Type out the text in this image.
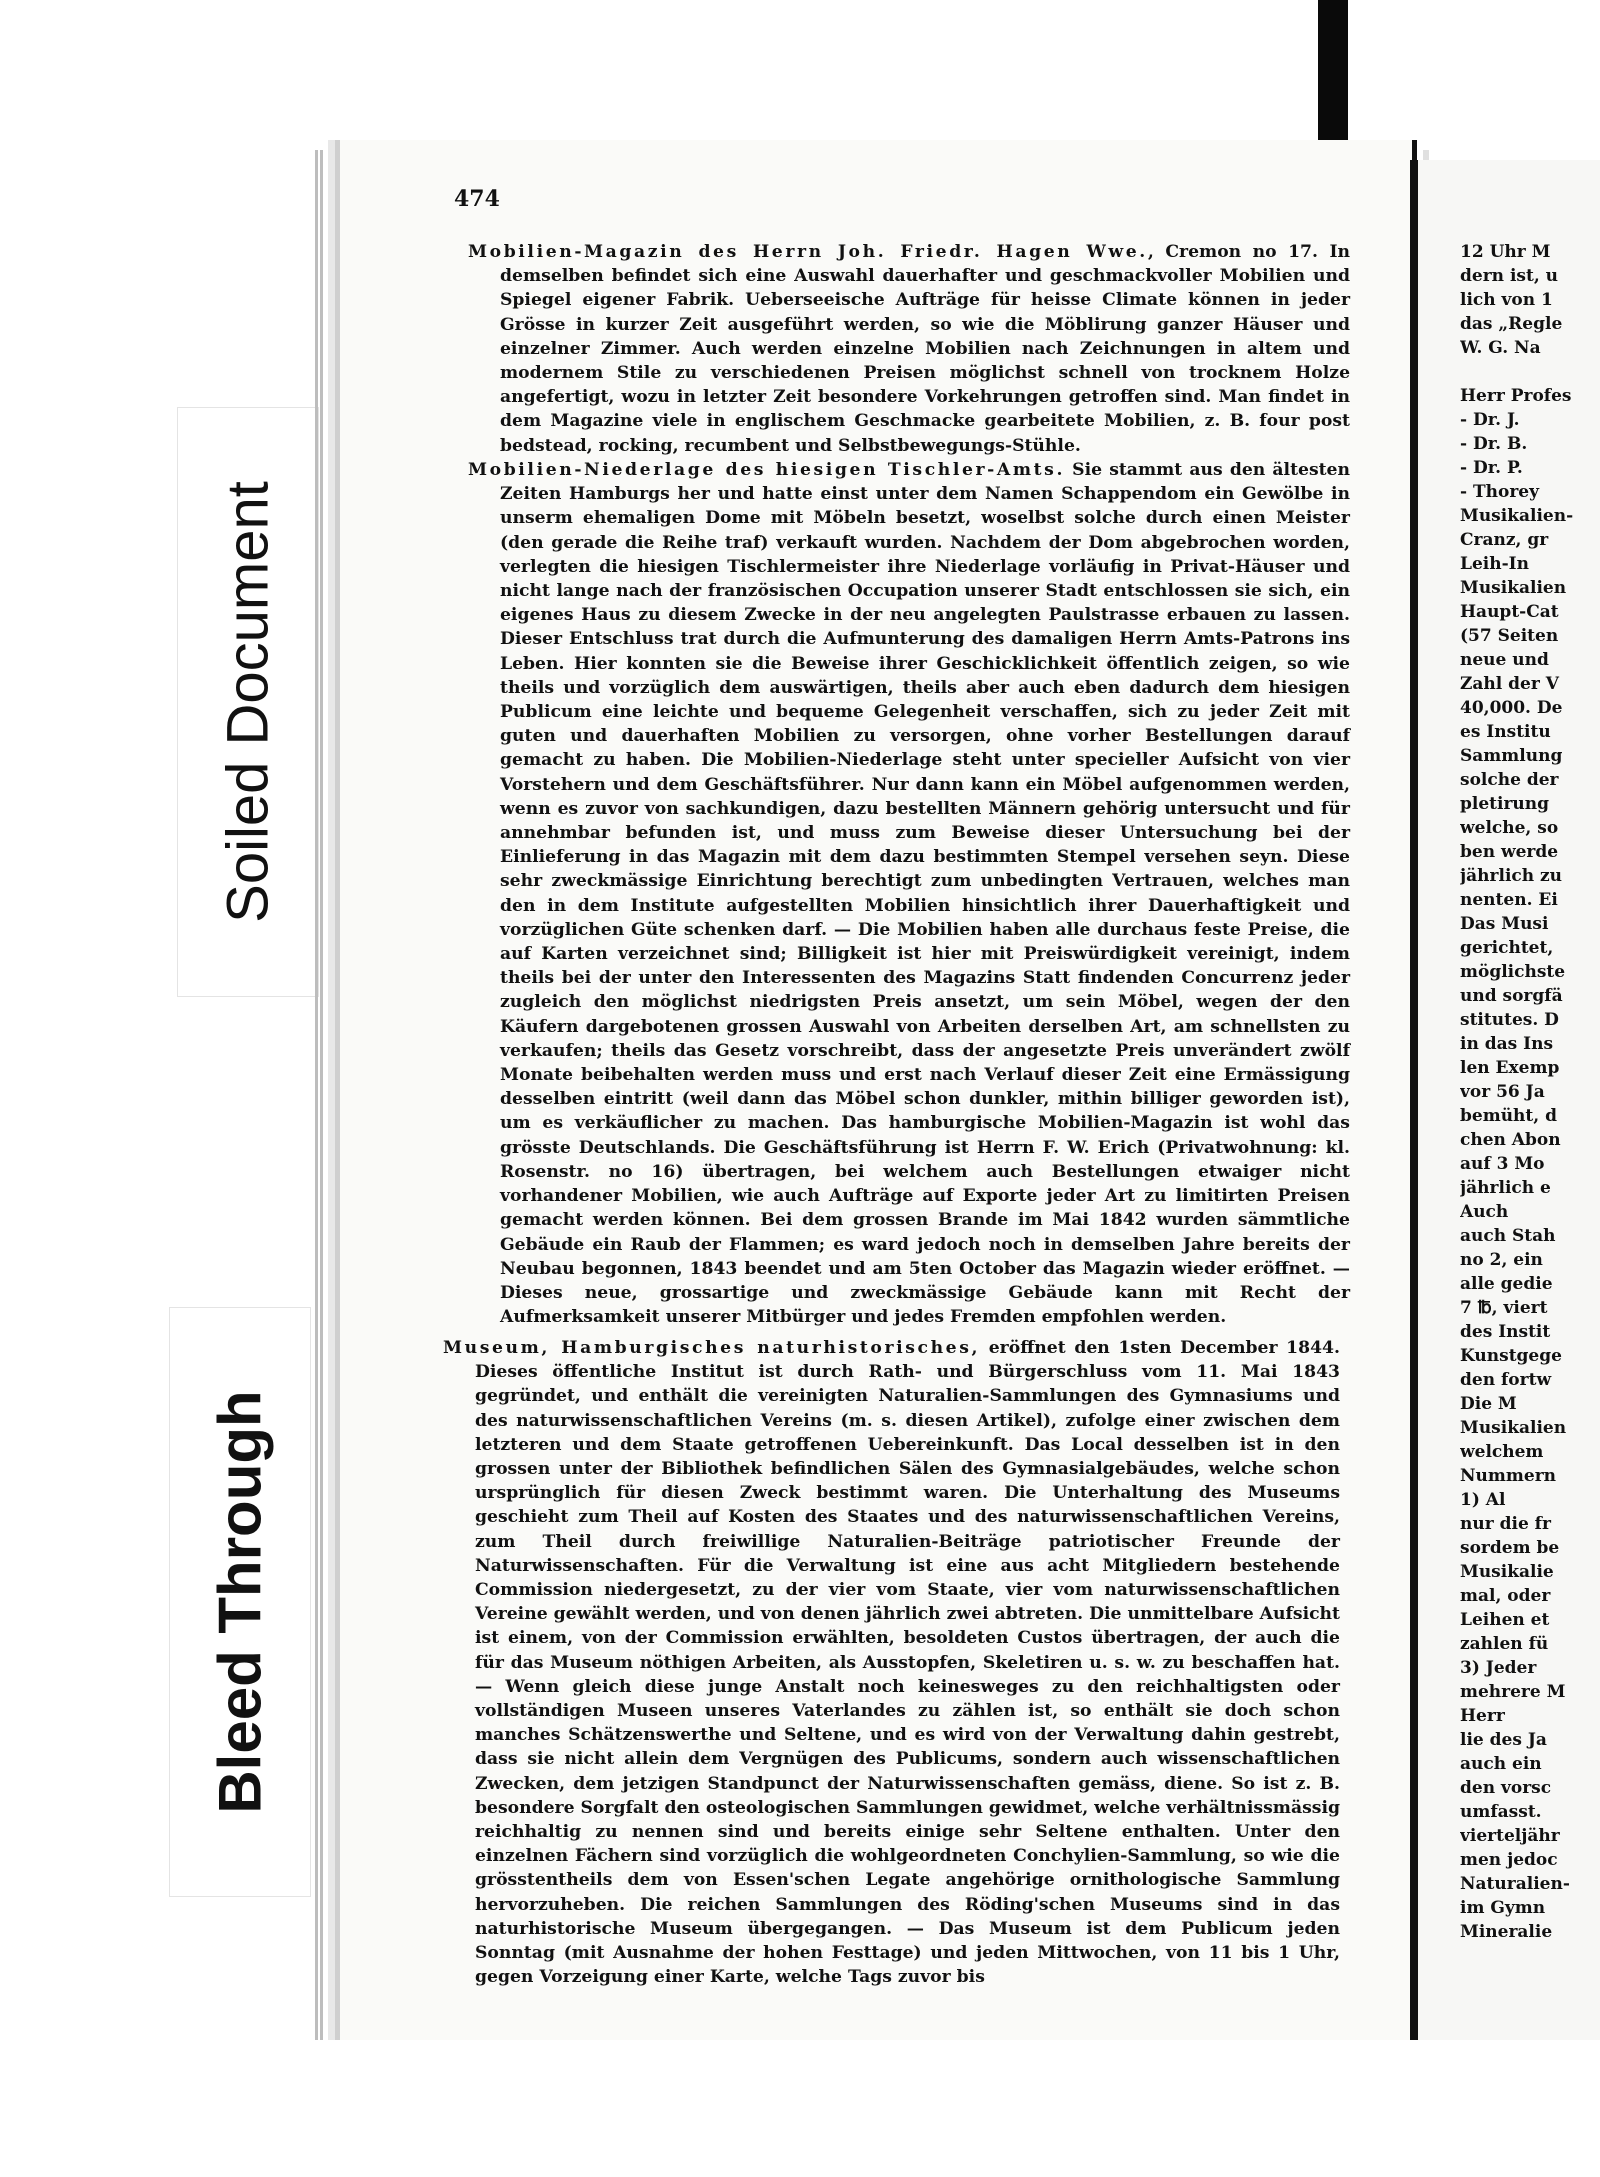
Soiled Document
Bleed Through
474

Mobilien-Magazin des Herrn Joh. Friedr. Hagen Wwe., Cremon no 17. In demselben befindet sich eine Auswahl dauerhafter und geschmackvoller Mobilien und Spiegel eigener Fabrik. Ueberseeische Aufträge für heisse Climate können in jeder Grösse in kurzer Zeit ausgeführt werden, so wie die Möblirung ganzer Häuser und einzelner Zimmer. Auch werden einzelne Mobilien nach Zeichnungen in altem und modernem Stile zu verschiedenen Preisen möglichst schnell von trocknem Holze angefertigt, wozu in letzter Zeit besondere Vorkehrungen getroffen sind. Man findet in dem Magazine viele in englischem Geschmacke gearbeitete Mobilien, z. B. four post bedstead, rocking, recumbent und Selbstbewegungs-Stühle.

Mobilien-Niederlage des hiesigen Tischler-Amts. Sie stammt aus den ältesten Zeiten Hamburgs her und hatte einst unter dem Namen Schappendom ein Gewölbe in unserm ehemaligen Dome mit Möbeln besetzt, woselbst solche durch einen Meister (den gerade die Reihe traf) verkauft wurden. Nachdem der Dom abgebrochen worden, verlegten die hiesigen Tischlermeister ihre Niederlage vorläufig in Privat-Häuser und nicht lange nach der französischen Occupation unserer Stadt entschlossen sie sich, ein eigenes Haus zu diesem Zwecke in der neu angelegten Paulstrasse erbauen zu lassen. Dieser Entschluss trat durch die Aufmunterung des damaligen Herrn Amts-Patrons ins Leben. Hier konnten sie die Beweise ihrer Geschicklichkeit öffentlich zeigen, so wie theils und vorzüglich dem auswärtigen, theils aber auch eben dadurch dem hiesigen Publicum eine leichte und bequeme Gelegenheit verschaffen, sich zu jeder Zeit mit guten und dauerhaften Mobilien zu versorgen, ohne vorher Bestellungen darauf gemacht zu haben. Die Mobilien-Niederlage steht unter specieller Aufsicht von vier Vorstehern und dem Geschäftsführer. Nur dann kann ein Möbel aufgenommen werden, wenn es zuvor von sachkundigen, dazu bestellten Männern gehörig untersucht und für annehmbar befunden ist, und muss zum Beweise dieser Untersuchung bei der Einlieferung in das Magazin mit dem dazu bestimmten Stempel versehen seyn. Diese sehr zweckmässige Einrichtung berechtigt zum unbedingten Vertrauen, welches man den in dem Institute aufgestellten Mobilien hinsichtlich ihrer Dauerhaftigkeit und vorzüglichen Güte schenken darf. — Die Mobilien haben alle durchaus feste Preise, die auf Karten verzeichnet sind; Billigkeit ist hier mit Preiswürdigkeit vereinigt, indem theils bei der unter den Interessenten des Magazins Statt findenden Concurrenz jeder zugleich den möglichst niedrigsten Preis ansetzt, um sein Möbel, wegen der den Käufern dargebotenen grossen Auswahl von Arbeiten derselben Art, am schnellsten zu verkaufen; theils das Gesetz vorschreibt, dass der angesetzte Preis unverändert zwölf Monate beibehalten werden muss und erst nach Verlauf dieser Zeit eine Ermässigung desselben eintritt (weil dann das Möbel schon dunkler, mithin billiger geworden ist), um es verkäuflicher zu machen. Das hamburgische Mobilien-Magazin ist wohl das grösste Deutschlands. Die Geschäftsführung ist Herrn F. W. Erich (Privatwohnung: kl. Rosenstr. no 16) übertragen, bei welchem auch Bestellungen etwaiger nicht vorhandener Mobilien, wie auch Aufträge auf Exporte jeder Art zu limitirten Preisen gemacht werden können. Bei dem grossen Brande im Mai 1842 wurden sämmtliche Gebäude ein Raub der Flammen; es ward jedoch noch in demselben Jahre bereits der Neubau begonnen, 1843 beendet und am 5ten October das Magazin wieder eröffnet. — Dieses neue, grossartige und zweckmässige Gebäude kann mit Recht der Aufmerksamkeit unserer Mitbürger und jedes Fremden empfohlen werden.

Museum, Hamburgisches naturhistorisches, eröffnet den 1sten December 1844. Dieses öffentliche Institut ist durch Rath- und Bürgerschluss vom 11. Mai 1843 gegründet, und enthält die vereinigten Naturalien-Sammlungen des Gymnasiums und des naturwissenschaftlichen Vereins (m. s. diesen Artikel), zufolge einer zwischen dem letzteren und dem Staate getroffenen Uebereinkunft. Das Local desselben ist in den grossen unter der Bibliothek befindlichen Sälen des Gymnasialgebäudes, welche schon ursprünglich für diesen Zweck bestimmt waren. Die Unterhaltung des Museums geschieht zum Theil auf Kosten des Staates und des naturwissenschaftlichen Vereins, zum Theil durch freiwillige Naturalien-Beiträge patriotischer Freunde der Naturwissenschaften. Für die Verwaltung ist eine aus acht Mitgliedern bestehende Commission niedergesetzt, zu der vier vom Staate, vier vom naturwissenschaftlichen Vereine gewählt werden, und von denen jährlich zwei abtreten. Die unmittelbare Aufsicht ist einem, von der Commission erwählten, besoldeten Custos übertragen, der auch die für das Museum nöthigen Arbeiten, als Ausstopfen, Skeletiren u. s. w. zu beschaffen hat. — Wenn gleich diese junge Anstalt noch keinesweges zu den reichhaltigsten oder vollständigen Museen unseres Vaterlandes zu zählen ist, so enthält sie doch schon manches Schätzenswerthe und Seltene, und es wird von der Verwaltung dahin gestrebt, dass sie nicht allein dem Vergnügen des Publicums, sondern auch wissenschaftlichen Zwecken, dem jetzigen Standpunct der Naturwissenschaften gemäss, diene. So ist z. B. besondere Sorgfalt den osteologischen Sammlungen gewidmet, welche verhältnissmässig reichhaltig zu nennen sind und bereits einige sehr Seltene enthalten. Unter den einzelnen Fächern sind vorzüglich die wohlgeordneten Conchylien-Sammlung, so wie die grösstentheils dem von Essen'schen Legate angehörige ornithologische Sammlung hervorzuheben. Die reichen Sammlungen des Röding'schen Museums sind in das naturhistorische Museum übergegangen. — Das Museum ist dem Publicum jeden Sonntag (mit Ausnahme der hohen Festtage) und jeden Mittwochen, von 11 bis 1 Uhr, gegen Vorzeigung einer Karte, welche Tags zuvor bis

12 Uhr M
dern ist, u
lich von 1
das „Regle
W. G. Na
Herr Profes
- Dr. J.
- Dr. B.
- Dr. P.
- Thorey
Musikalien-
Cranz, gr
Leih-In
Musikalien
Haupt-Cat
(57 Seiten
neue und
Zahl der V
40,000. De
es Institu
Sammlung
solche der
pletirung
welche, so
ben werde
jährlich zu
nenten. Ei
Das Musi
gerichtet,
möglichste
und sorgfä
stitutes. D
in das Ins
len Exemp
vor 56 Ja
bemüht, d
chen Abon
auf 3 Mo
jährlich e
Auch
auch Stah
no 2, ein
alle gedie
7 ℔, viert
des Instit
Kunstgege
den fortw
Die M
Musikalien
welchem
Nummern
1) Al
nur die fr
sordem be
Musikalie
mal, oder
Leihen et
zahlen fü
3) Jeder
mehrere M
Herr
lie des Ja
auch ein
den vorsc
umfasst.
vierteljähr
men jedoc
Naturalien-
im Gymn
Mineralie
